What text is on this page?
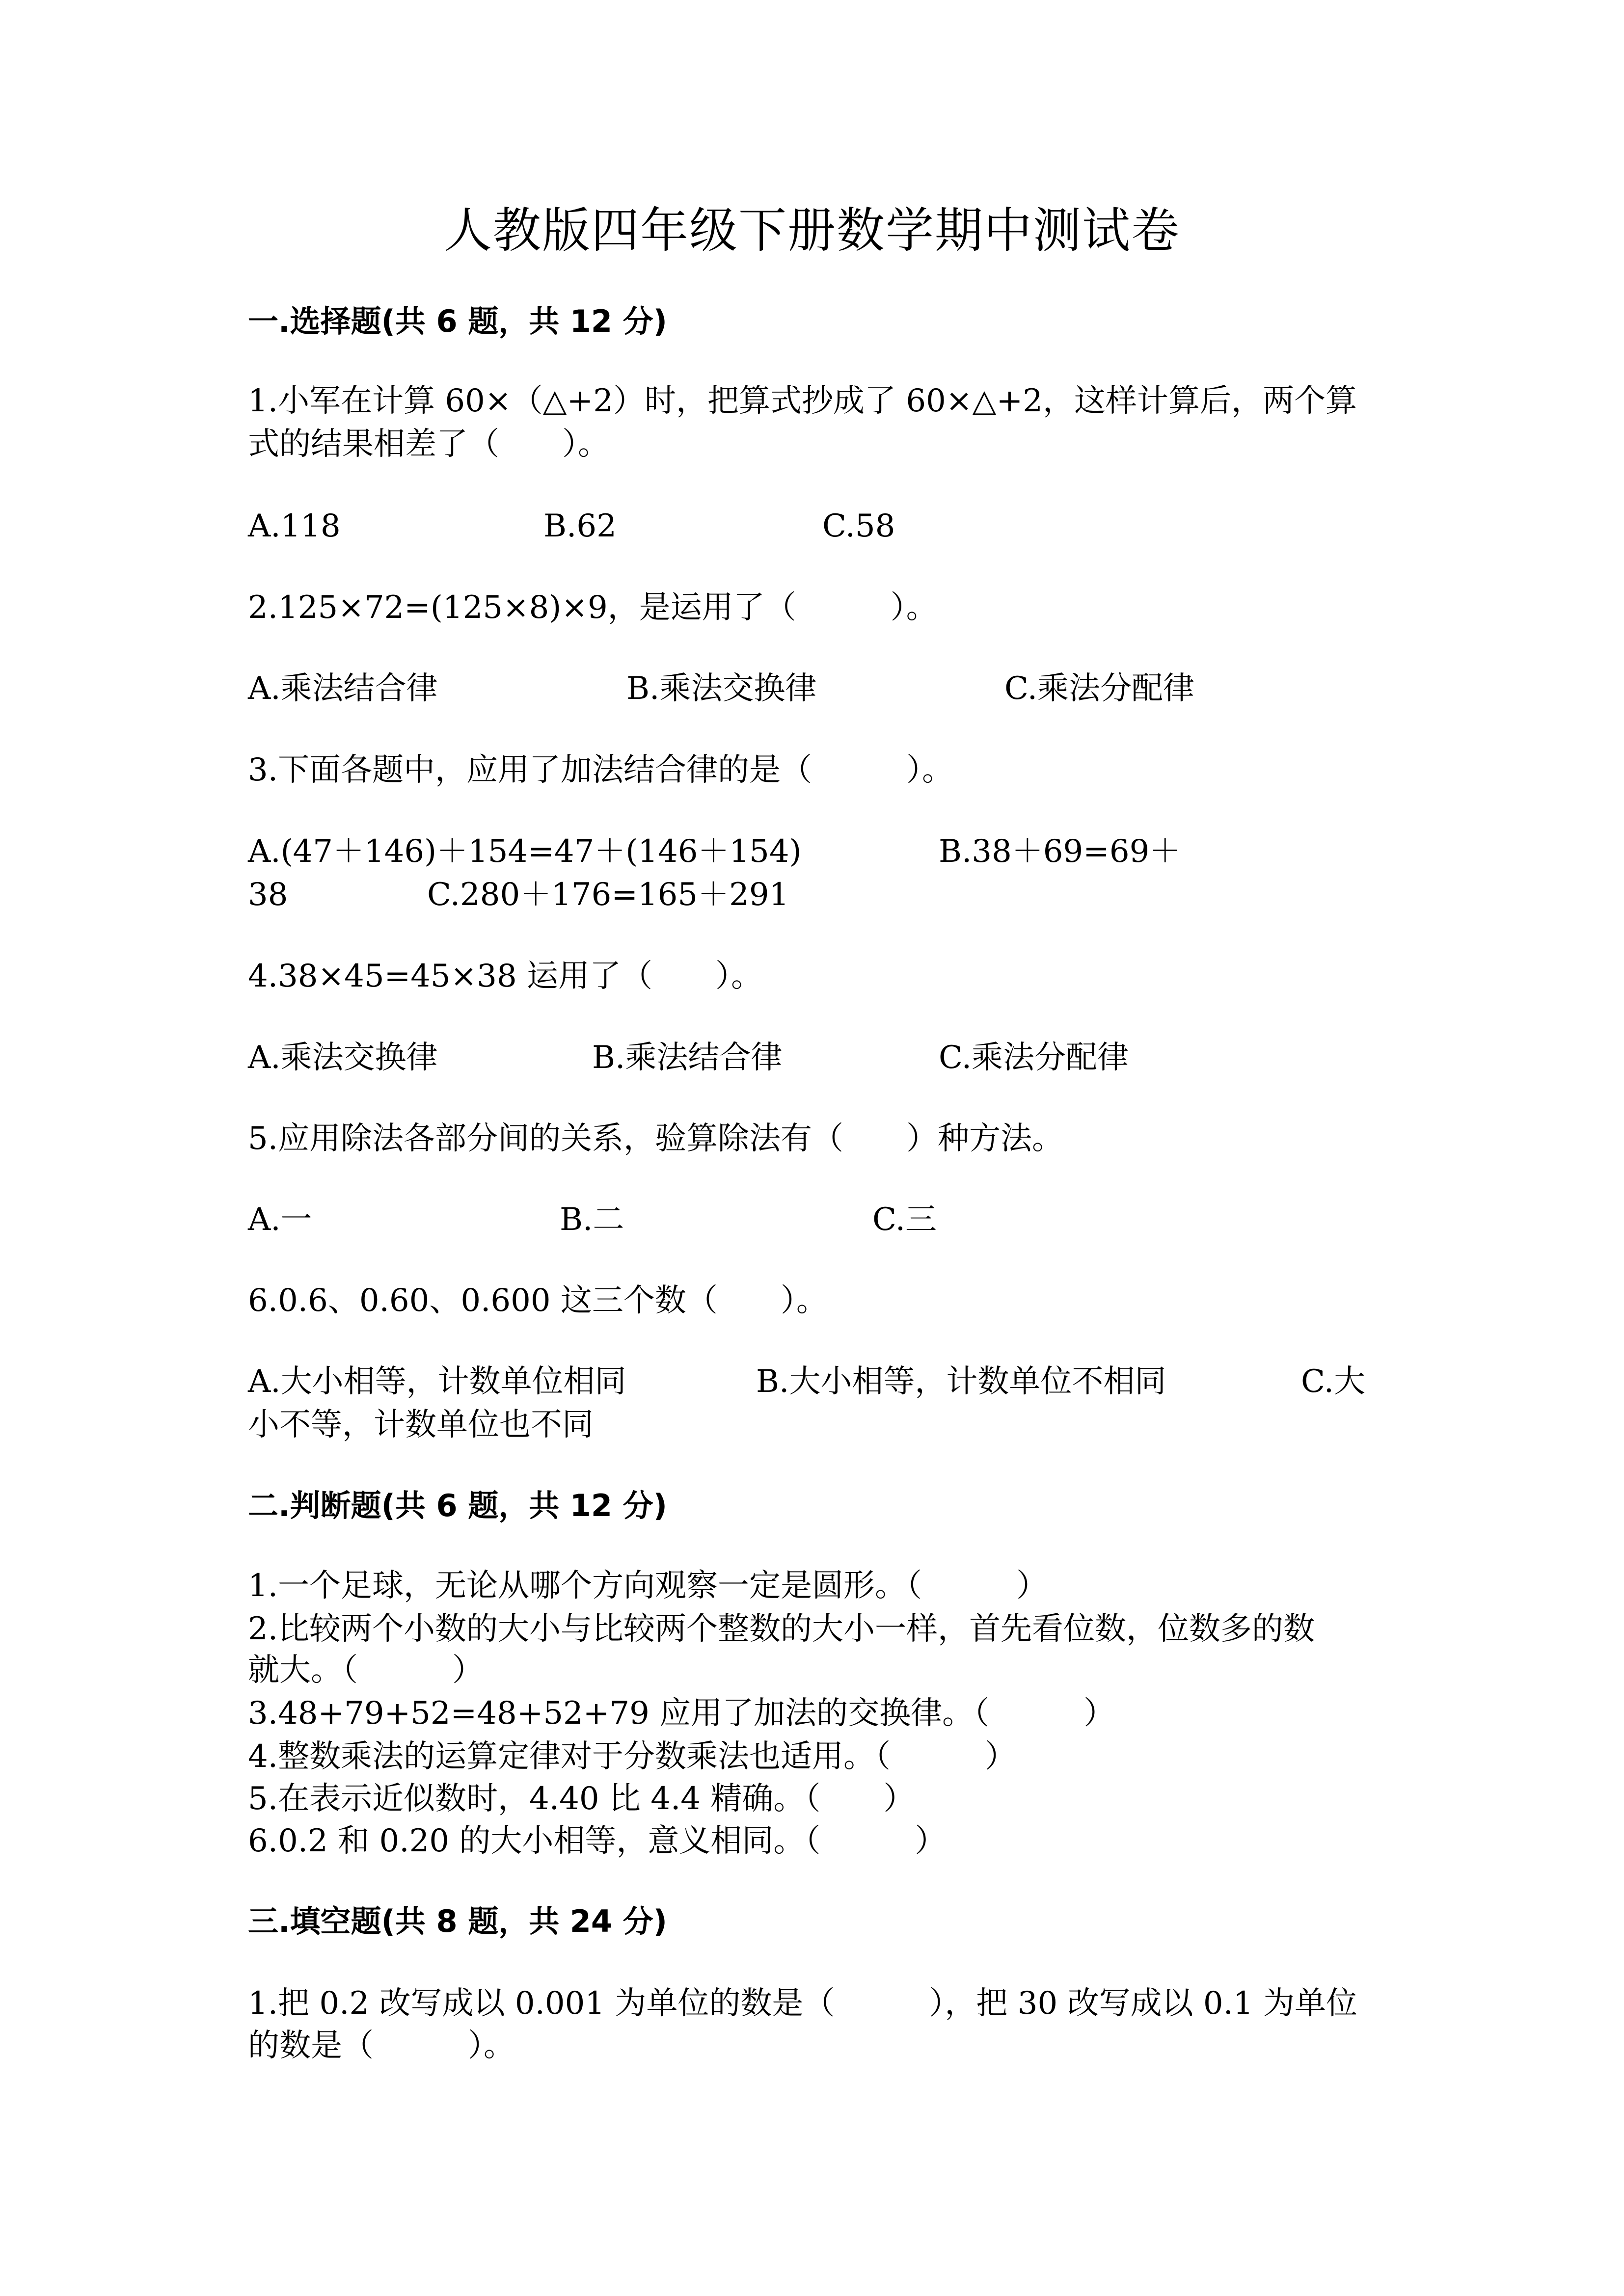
人教版四年级下册数学期中测试卷
一.选择题(共 6 题，共 12 分)
1.小军在计算 60×（△+2）时，把算式抄成了 60×△+2，这样计算后，两个算
式的结果相差了（　　）。
A.118	B.62	C.58
2.125×72=(125×8)×9，是运用了（　　　）。
A.乘法结合律	B.乘法交换律	C.乘法分配律
3.下面各题中，应用了加法结合律的是（　　　）。
A.(47＋146)＋154=47＋(146＋154)	B.38＋69=69＋
38	C.280＋176=165＋291
4.38×45=45×38 运用了（　　）。
A.乘法交换律	B.乘法结合律	C.乘法分配律
5.应用除法各部分间的关系，验算除法有（　　）种方法。
A.一	B.二	C.三
6.0.6、0.60、0.600 这三个数（　　）。
A.大小相等，计数单位相同	B.大小相等，计数单位不相同	C.大
小不等，计数单位也不同
二.判断题(共 6 题，共 12 分)
1.一个足球，无论从哪个方向观察一定是圆形。（　　　）
2.比较两个小数的大小与比较两个整数的大小一样，首先看位数，位数多的数
就大。（　　　）
3.48+79+52=48+52+79 应用了加法的交换律。（　　　）
4.整数乘法的运算定律对于分数乘法也适用。（　　　）
5.在表示近似数时，4.40 比 4.4 精确。（　　）
6.0.2 和 0.20 的大小相等，意义相同。（　　　）
三.填空题(共 8 题，共 24 分)
1.把 0.2 改写成以 0.001 为单位的数是（　　　），把 30 改写成以 0.1 为单位
的数是（　　　）。
